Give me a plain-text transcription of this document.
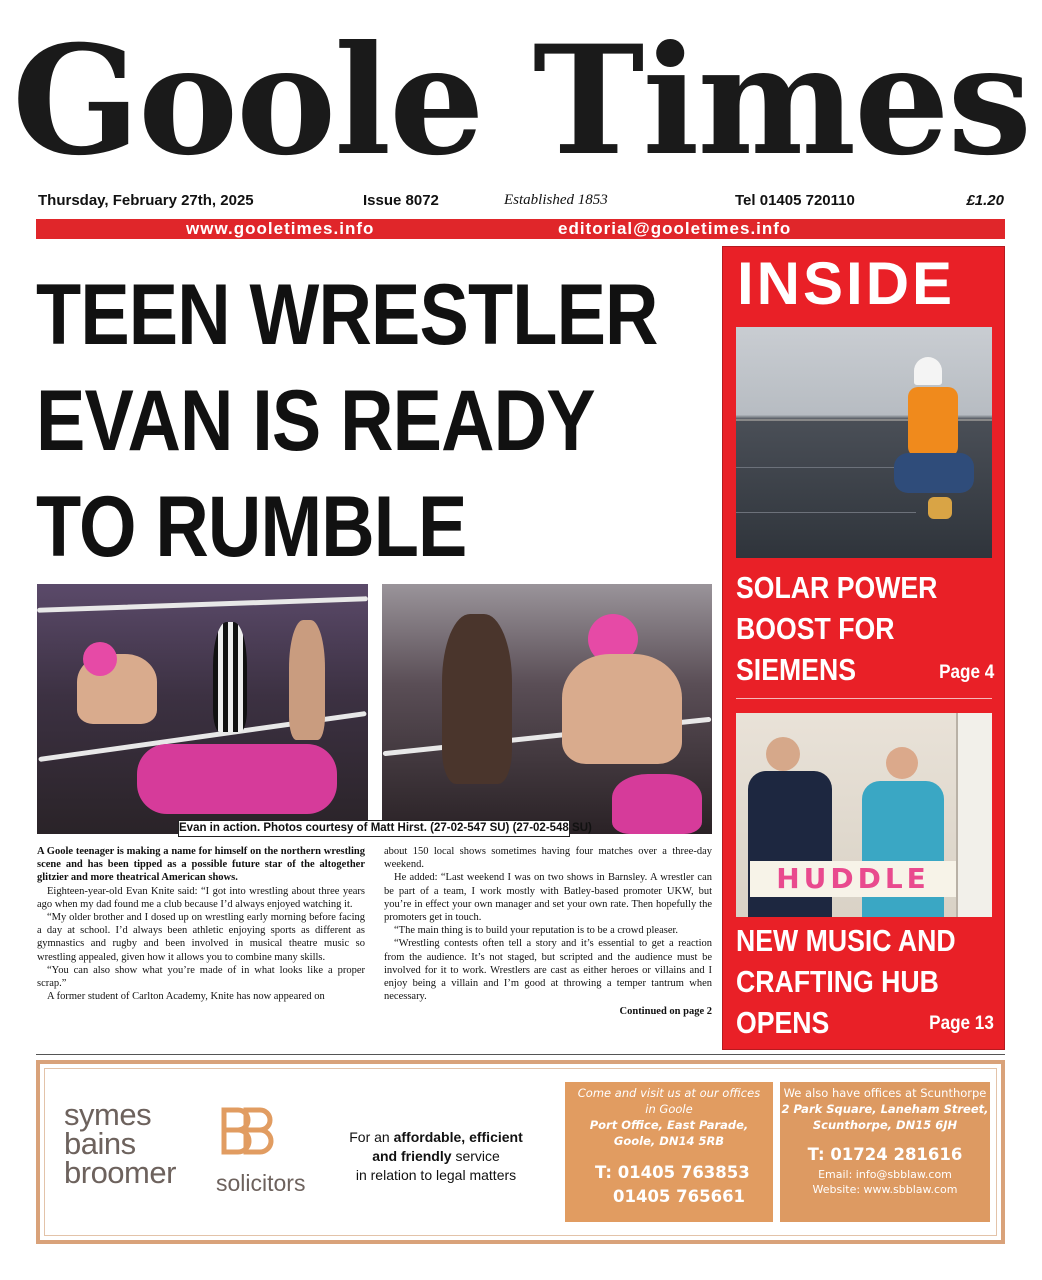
Goole Times
Thursday, February 27th, 2025	Issue 8072	Established 1853	Tel 01405 720110	£1.20
www.gooletimes.info	editorial@gooletimes.info
TEEN WRESTLER
EVAN IS READY
TO RUMBLE
Evan in action. Photos courtesy of Matt Hirst. (27-02-547 SU) (27-02-548 SU)

A Goole teenager is making a name for himself on the northern wrestling scene and has been tipped as a possible future star of the altogether glitzier and more theatrical American shows.

Eighteen-year-old Evan Knite said: “I got into wrestling about three years ago when my dad found me a club because I’d always enjoyed watching it.

“My older brother and I dosed up on wrestling early morning before facing a day at school. I’d always been athletic enjoying sports as different as gymnastics and rugby and been involved in musical theatre music so wrestling appealed, given how it allows you to combine many skills.

“You can also show what you’re made of in what looks like a proper scrap.”

A former student of Carlton Academy, Knite has now appeared on

about 150 local shows sometimes having four matches over a three-day weekend.

He added: “Last weekend I was on two shows in Barnsley. A wrestler can be part of a team, I work mostly with Batley-based promoter UKW, but you’re in effect your own manager and set your own rate. Then hopefully the promoters get in touch.

“The main thing is to build your reputation is to be a crowd pleaser.

“Wrestling contests often tell a story and it’s essential to get a reaction from the audience. It’s not staged, but scripted and the audience must be involved for it to work. Wrestlers are cast as either heroes or villains and I enjoy being a villain and I’m good at throwing a temper tantrum when necessary.

Continued on page 2

INSIDE
SOLAR POWER
BOOST FOR
SIEMENS	Page 4
HUDDLE
NEW MUSIC AND
CRAFTING HUB
OPENS	Page 13
symes
bains
broomer solicitors
For an affordable, efficient
and friendly service
in relation to legal matters
Come and visit us at our offices
in Goole
Port Office, East Parade,
Goole, DN14 5RB
T: 01405 763853
01405 765661
We also have offices at Scunthorpe
2 Park Square, Laneham Street,
Scunthorpe, DN15 6JH
T: 01724 281616
Email: info@sbblaw.com
Website: www.sbblaw.com
